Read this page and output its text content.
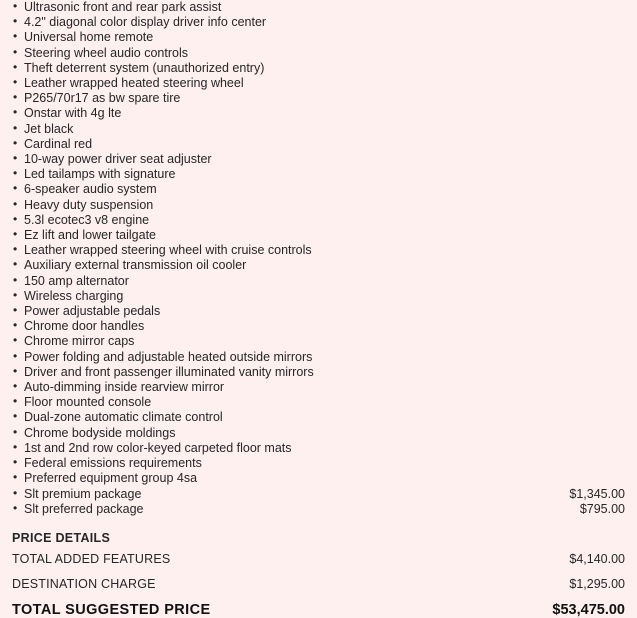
• Ultrasonic front and rear park assist
• 4.2" diagonal color display driver info center
• Universal home remote
• Steering wheel audio controls
• Theft deterrent system (unauthorized entry)
• Leather wrapped heated steering wheel
• P265/70r17 as bw spare tire
• Onstar with 4g lte
• Jet black
• Cardinal red
• 10-way power driver seat adjuster
• Led tailamps with signature
• 6-speaker audio system
• Heavy duty suspension
• 5.3l ecotec3 v8 engine
• Ez lift and lower tailgate
• Leather wrapped steering wheel with cruise controls
• Auxiliary external transmission oil cooler
• 150 amp alternator
• Wireless charging
• Power adjustable pedals
• Chrome door handles
• Chrome mirror caps
• Power folding and adjustable heated outside mirrors
• Driver and front passenger illuminated vanity mirrors
• Auto-dimming inside rearview mirror
• Floor mounted console
• Dual-zone automatic climate control
• Chrome bodyside moldings
• 1st and 2nd row color-keyed carpeted floor mats
• Federal emissions requirements
• Preferred equipment group 4sa
• Slt premium package	$1,345.00
• Slt preferred package	$795.00
PRICE DETAILS
TOTAL ADDED FEATURES	$4,140.00
DESTINATION CHARGE	$1,295.00
TOTAL SUGGESTED PRICE	$53,475.00
